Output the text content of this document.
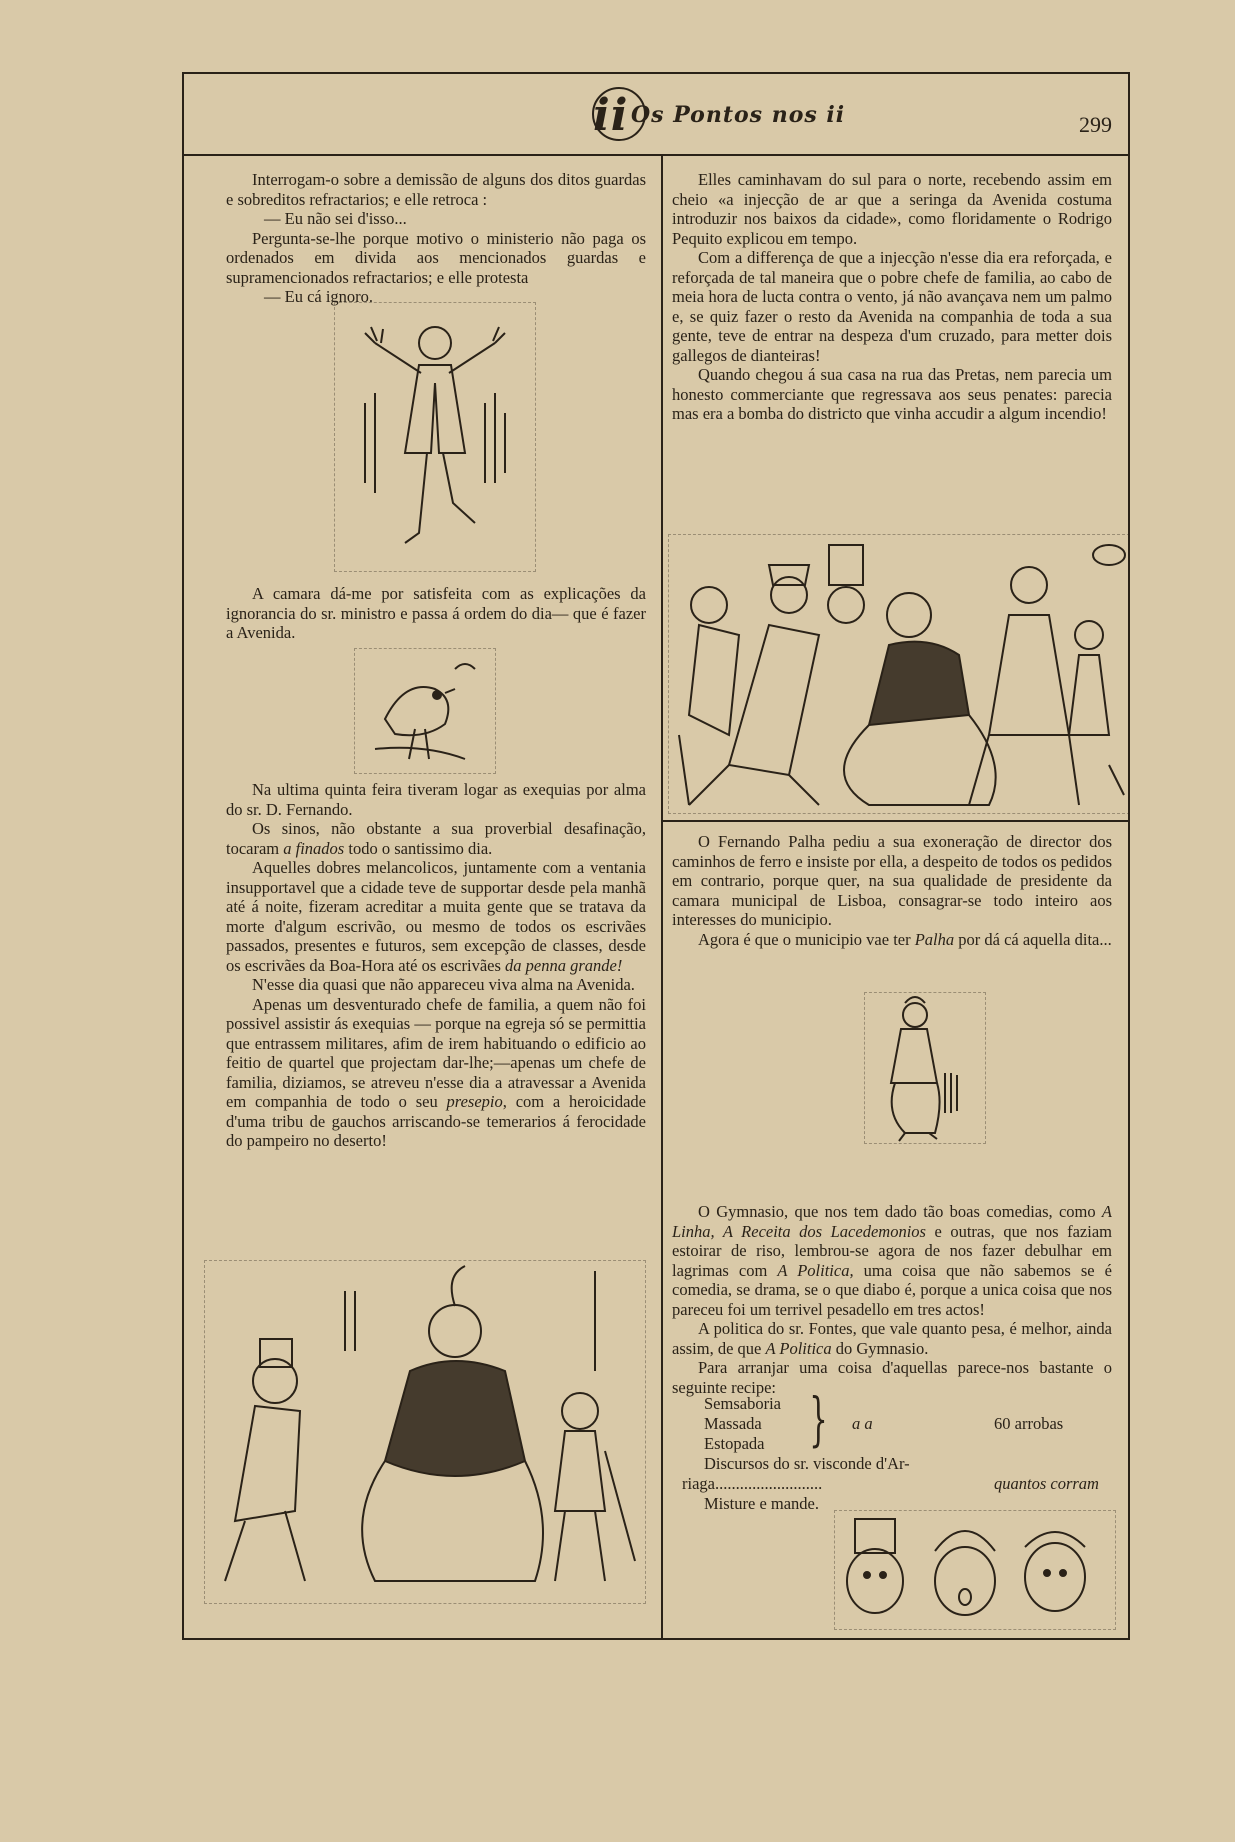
ii Os Pontos nos ii	299

Interrogam-o sobre a demissão de alguns dos ditos guardas e sobreditos refractarios; e elle retroca :

— Eu não sei d'isso...

Pergunta-se-lhe porque motivo o ministerio não paga os ordenados em divida aos mencionados guardas e supramencionados refractarios; e elle protesta

— Eu cá ignoro.

A camara dá-me por satisfeita com as explicações da ignorancia do sr. ministro e passa á ordem do dia— que é fazer a Avenida.

Na ultima quinta feira tiveram logar as exequias por alma do sr. D. Fernando.

Os sinos, não obstante a sua proverbial desafinação, tocaram a finados todo o santissimo dia.

Aquelles dobres melancolicos, juntamente com a ventania insupportavel que a cidade teve de supportar desde pela manhã até á noite, fizeram acreditar a muita gente que se tratava da morte d'algum escrivão, ou mesmo de todos os escrivães passados, presentes e futuros, sem excepção de classes, desde os escrivães da Boa-Hora até os escrivães da penna grande!

N'esse dia quasi que não appareceu viva alma na Avenida.

Apenas um desventurado chefe de familia, a quem não foi possivel assistir ás exequias — porque na egreja só se permittia que entrassem militares, afim de irem habituando o edificio ao feitio de quartel que projectam dar-lhe;—apenas um chefe de familia, diziamos, se atreveu n'esse dia a atravessar a Avenida em companhia de todo o seu presepio, com a heroicidade d'uma tribu de gauchos arriscando-se temerarios á ferocidade do pampeiro no deserto!

Elles caminhavam do sul para o norte, recebendo assim em cheio «a injecção de ar que a seringa da Avenida costuma introduzir nos baixos da cidade», como floridamente o Rodrigo Pequito explicou em tempo.

Com a differença de que a injecção n'esse dia era reforçada, e reforçada de tal maneira que o pobre chefe de familia, ao cabo de meia hora de lucta contra o vento, já não avançava nem um palmo e, se quiz fazer o resto da Avenida na companhia de toda a sua gente, teve de entrar na despeza d'um cruzado, para metter dois gallegos de dianteiras!

Quando chegou á sua casa na rua das Pretas, nem parecia um honesto commerciante que regressava aos seus penates: parecia mas era a bomba do districto que vinha accudir a algum incendio!

O Fernando Palha pediu a sua exoneração de director dos caminhos de ferro e insiste por ella, a despeito de todos os pedidos em contrario, porque quer, na sua qualidade de presidente da camara municipal de Lisboa, consagrar-se todo inteiro aos interesses do municipio.

Agora é que o municipio vae ter Palha por dá cá aquella dita...

O Gymnasio, que nos tem dado tão boas comedias, como A Linha, A Receita dos Lacedemonios e outras, que nos faziam estoirar de riso, lembrou-se agora de nos fazer debulhar em lagrimas com A Politica, uma coisa que não sabemos se é comedia, se drama, se o que diabo é, porque a unica coisa que nos pareceu foi um terrivel pesadello em tres actos!

A politica do sr. Fontes, que vale quanto pesa, é melhor, ainda assim, de que A Politica do Gymnasio.

Para arranjar uma coisa d'aquellas parece-nos bastante o seguinte recipe:

Semsaboria
Massada
Estopada } a a	60 arrobas
Discursos do sr. visconde d'Ar-
riaga..........................	quantos corram
Misture e mande.
